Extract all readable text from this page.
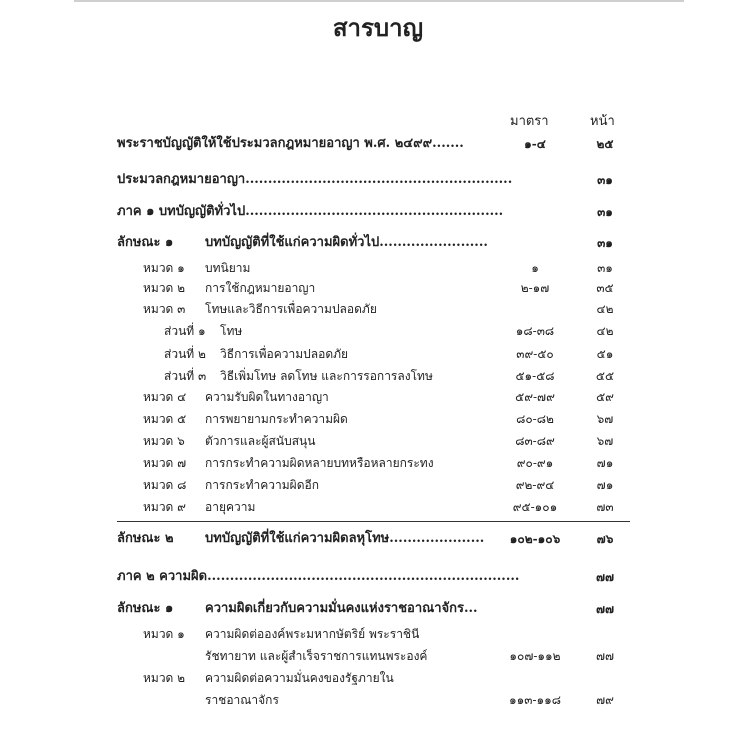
สารบาญ
มาตรา	หน้า
พระราชบัญญัติให้ใช้ประมวลกฎหมายอาญา พ.ศ. ๒๔๙๙.......	๑-๔	๒๕
ประมวลกฎหมายอาญา...........................................................	๓๑
ภาค ๑ บทบัญญัติทั่วไป.........................................................	๓๑
ลักษณะ ๑ บทบัญญัติที่ใช้แก่ความผิดทั่วไป........................	๓๑
หมวด ๑ บทนิยาม	๑	๓๑
หมวด ๒ การใช้กฎหมายอาญา	๒-๑๗	๓๕
หมวด ๓ โทษและวิธีการเพื่อความปลอดภัย	๔๒
ส่วนที่ ๑ โทษ	๑๘-๓๘	๔๒
ส่วนที่ ๒ วิธีการเพื่อความปลอดภัย	๓๙-๕๐	๕๑
ส่วนที่ ๓ วิธีเพิ่มโทษ ลดโทษ และการรอการลงโทษ	๕๑-๕๘	๕๕
หมวด ๔ ความรับผิดในทางอาญา	๕๙-๗๙	๕๙
หมวด ๕ การพยายามกระทำความผิด	๘๐-๘๒	๖๗
หมวด ๖ ตัวการและผู้สนับสนุน	๘๓-๘๙	๖๗
หมวด ๗ การกระทำความผิดหลายบทหรือหลายกระทง	๙๐-๙๑	๗๑
หมวด ๘ การกระทำความผิดอีก	๙๒-๙๔	๗๑
หมวด ๙ อายุความ	๙๕-๑๐๑	๗๓
ลักษณะ ๒ บทบัญญัติที่ใช้แก่ความผิดลหุโทษ.....................	๑๐๒-๑๐๖	๗๖
ภาค ๒ ความผิด.....................................................................	๗๗
ลักษณะ ๑ ความผิดเกี่ยวกับความมั่นคงแห่งราชอาณาจักร...	๗๗
หมวด ๑ ความผิดต่อองค์พระมหากษัตริย์ พระราชินี
รัชทายาท และผู้สำเร็จราชการแทนพระองค์	๑๐๗-๑๑๒	๗๗
หมวด ๒ ความผิดต่อความมั่นคงของรัฐภายใน
ราชอาณาจักร	๑๑๓-๑๑๘	๗๙
